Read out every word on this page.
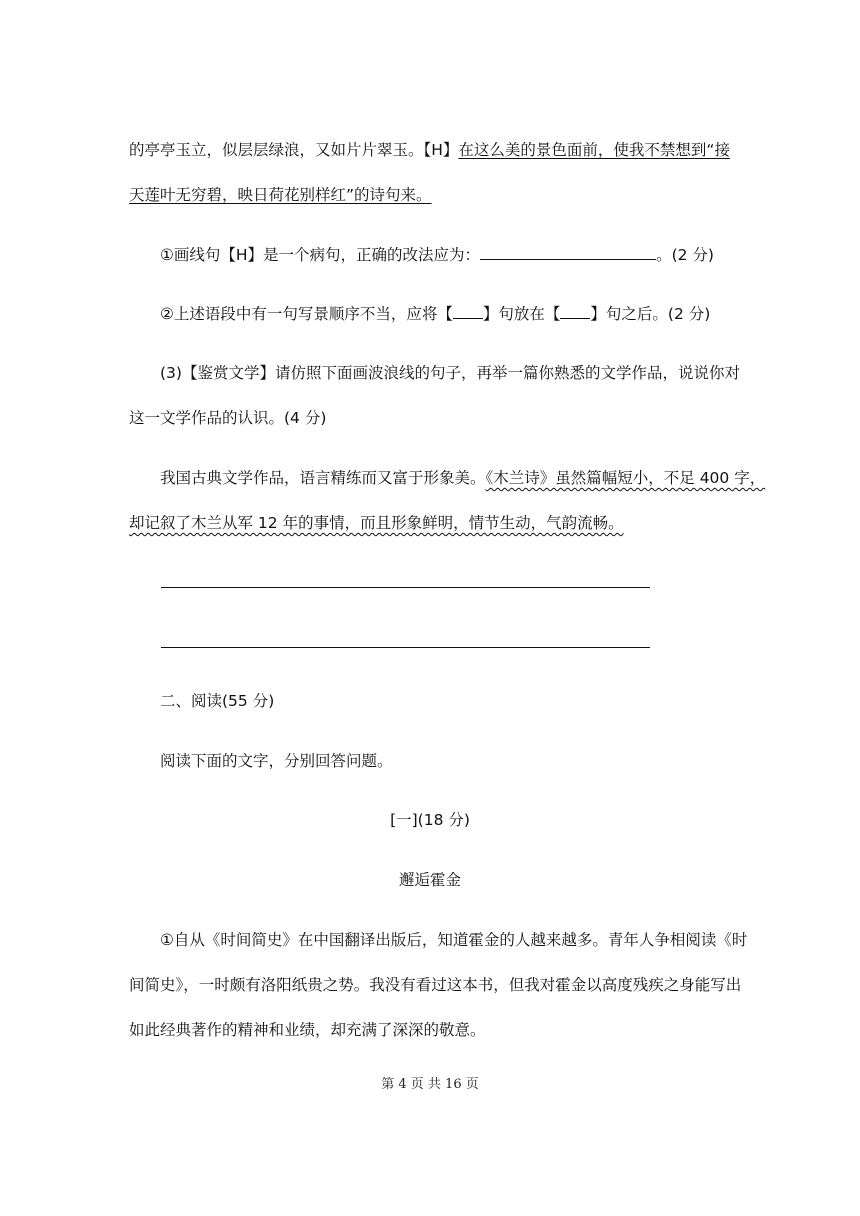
的亭亭玉立，似层层绿浪，又如片片翠玉。【H】在这么美的景色面前，使我不禁想到“接
天莲叶无穷碧，映日荷花别样红”的诗句来。
①画线句【H】是一个病句，正确的改法应为：	。(2 分)
②上述语段中有一句写景顺序不当，应将【 】句放在【 】句之后。(2 分)
(3)【鉴赏文学】请仿照下面画波浪线的句子，再举一篇你熟悉的文学作品，说说你对
这一文学作品的认识。(4 分)
我国古典文学作品，语言精练而又富于形象美。《木兰诗》虽然篇幅短小，不足 400 字，
却记叙了木兰从军 12 年的事情，而且形象鲜明，情节生动，气韵流畅。
二、阅读(55 分)
阅读下面的文字，分别回答问题。
[一](18 分)
邂逅霍金
①自从《时间简史》在中国翻译出版后，知道霍金的人越来越多。青年人争相阅读《时
间简史》，一时颇有洛阳纸贵之势。我没有看过这本书，但我对霍金以高度残疾之身能写出
如此经典著作的精神和业绩，却充满了深深的敬意。
第 4 页 共 16 页
